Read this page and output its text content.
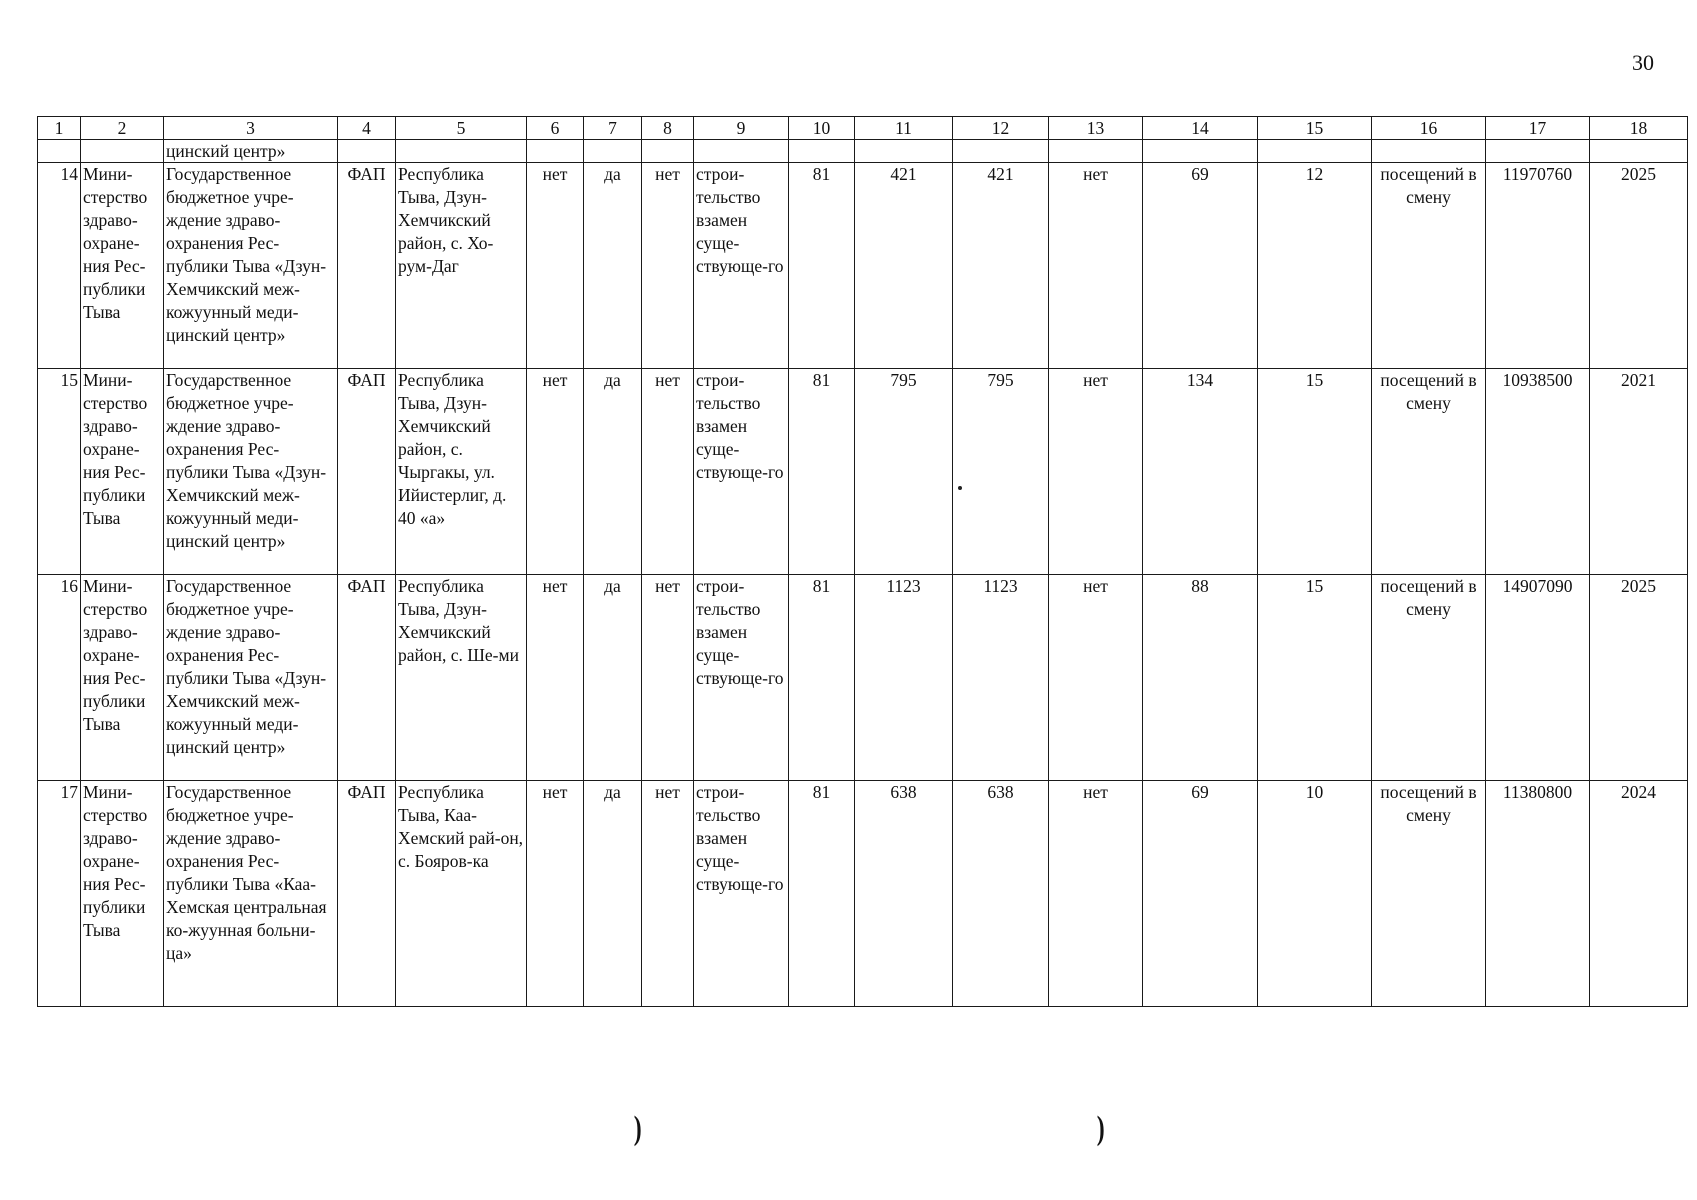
30
1	2	3	4	5	6	7	8	9	10	11	12	13	14	15	16	17	18
		цинский центр»															
14	Мини-стерство здраво-охране-ния Рес-публики Тыва	Государственное бюджетное учре-ждение здраво-охранения Рес-публики Тыва «Дзун-Хемчикский меж-кожуунный меди-цинский центр»	ФАП	Республика Тыва, Дзун-Хемчикский район, с. Хо-рум-Даг	нет	да	нет	строи-тельство взамен суще-ствующе-го	81	421	421	нет	69	12	посещений в смену	11970760	2025
15	Мини-стерство здраво-охране-ния Рес-публики Тыва	Государственное бюджетное учре-ждение здраво-охранения Рес-публики Тыва «Дзун-Хемчикский меж-кожуунный меди-цинский центр»	ФАП	Республика Тыва, Дзун-Хемчикский район, с. Чыргакы, ул. Ийистерлиг, д. 40 «а»	нет	да	нет	строи-тельство взамен суще-ствующе-го	81	795	795	нет	134	15	посещений в смену	10938500	2021
16	Мини-стерство здраво-охране-ния Рес-публики Тыва	Государственное бюджетное учре-ждение здраво-охранения Рес-публики Тыва «Дзун-Хемчикский меж-кожуунный меди-цинский центр»	ФАП	Республика Тыва, Дзун-Хемчикский район, с. Ше-ми	нет	да	нет	строи-тельство взамен суще-ствующе-го	81	1123	1123	нет	88	15	посещений в смену	14907090	2025
17	Мини-стерство здраво-охране-ния Рес-публики Тыва	Государственное бюджетное учре-ждение здраво-охранения Рес-публики Тыва «Каа-Хемская центральная ко-жуунная больни-ца»	ФАП	Республика Тыва, Каа-Хемский рай-он, с. Бояров-ка	нет	да	нет	строи-тельство взамен суще-ствующе-го	81	638	638	нет	69	10	посещений в смену	11380800	2024
)	)
